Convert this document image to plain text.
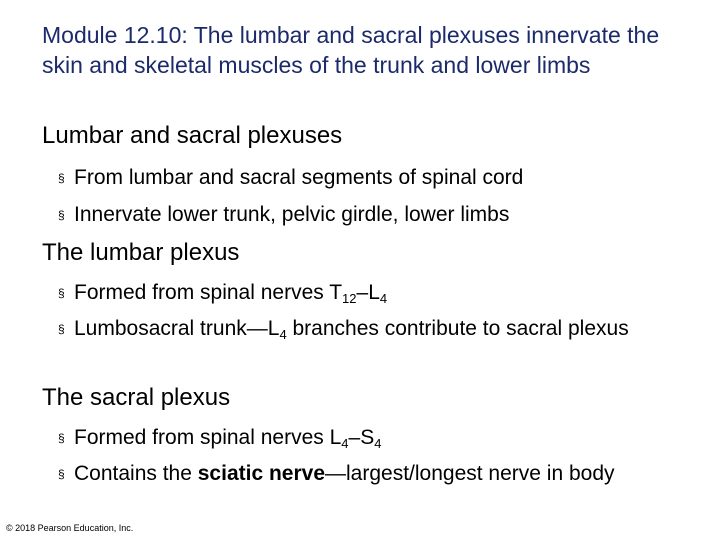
Module 12.10: The lumbar and sacral plexuses innervate the skin and skeletal muscles of the trunk and lower limbs
Lumbar and sacral plexuses
§ From lumbar and sacral segments of spinal cord
§ Innervate lower trunk, pelvic girdle, lower limbs
The lumbar plexus
§ Formed from spinal nerves $T_{12}-L_4$
§ Lumbosacral $trunk—L_4$ branches contribute to sacral plexus
The sacral plexus
§ Formed from spinal nerves $L_4-S_4$
§ Contains the sciatic nerve—largest/longest nerve in body
© 2018 Pearson Education, Inc.
